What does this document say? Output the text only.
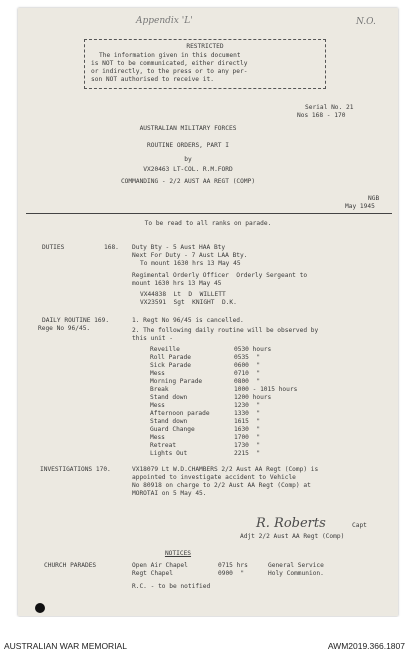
Appendix 'L'	N.O.
RESTRICTED
The information given in this document
is NOT to be communicated, either directly
or indirectly, to the press or to any per-
son NOT authorised to receive it.
Serial No. 21
Nos 168 - 170
AUSTRALIAN MILITARY FORCES
ROUTINE ORDERS, PART I
by
VX20463 LT-COL. R.M.FORD
COMMANDING - 2/2 AUST AA REGT (COMP)
NGB
May 1945
To be read to all ranks on parade.
DUTIES	168. Duty Bty - 5 Aust HAA Bty
Next For Duty - 7 Aust LAA Bty.
To mount 1630 hrs 13 May 45
Regimental Orderly Officer  Orderly Sergeant to
mount 1630 hrs 13 May 45
VX44838  Lt  D  WILLETT
VX23591  Sgt  KNIGHT  D.K.
DAILY ROUTINE 169.
Rege No 96/45.
1. Regt No 96/45 is cancelled.
2. The following daily routine will be observed by
this unit -
Reveille	0530 hours
Roll Parade	0535  "
Sick Parade	0600  "
Mess	0710  "
Morning Parade	0800  "
Break	1000 - 1015 hours
Stand down	1200 hours
Mess	1230  "
Afternoon parade	1330  "
Stand down	1615  "
Guard Change	1630  "
Mess	1700  "
Retreat	1730  "
Lights Out	2215  "
INVESTIGATIONS 170.	VX18079 Lt W.D.CHAMBERS 2/2 Aust AA Regt (Comp) is
appointed to investigate accident to Vehicle
No 80918 on charge to 2/2 Aust AA Regt (Comp) at
MOROTAI on 5 May 45.
R. Roberts	Capt
Adjt 2/2 Aust AA Regt (Comp)
NOTICES
CHURCH PARADES	Open Air Chapel	0715 hrs	General Service
Regt Chapel	0900  "	Holy Communion.
R.C. - to be notified
AUSTRALIAN WAR MEMORIAL	AWM2019.366.1807
